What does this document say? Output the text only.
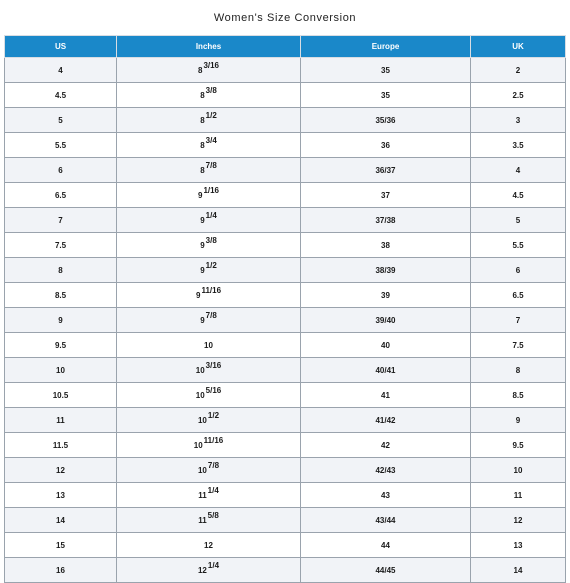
Women's Size Conversion
US	Inches	Europe	UK
4	83/16	35	2
4.5	83/8	35	2.5
5	81/2	35/36	3
5.5	83/4	36	3.5
6	87/8	36/37	4
6.5	91/16	37	4.5
7	91/4	37/38	5
7.5	93/8	38	5.5
8	91/2	38/39	6
8.5	911/16	39	6.5
9	97/8	39/40	7
9.5	10	40	7.5
10	103/16	40/41	8
10.5	105/16	41	8.5
11	101/2	41/42	9
11.5	1011/16	42	9.5
12	107/8	42/43	10
13	111/4	43	11
14	115/8	43/44	12
15	12	44	13
16	121/4	44/45	14
